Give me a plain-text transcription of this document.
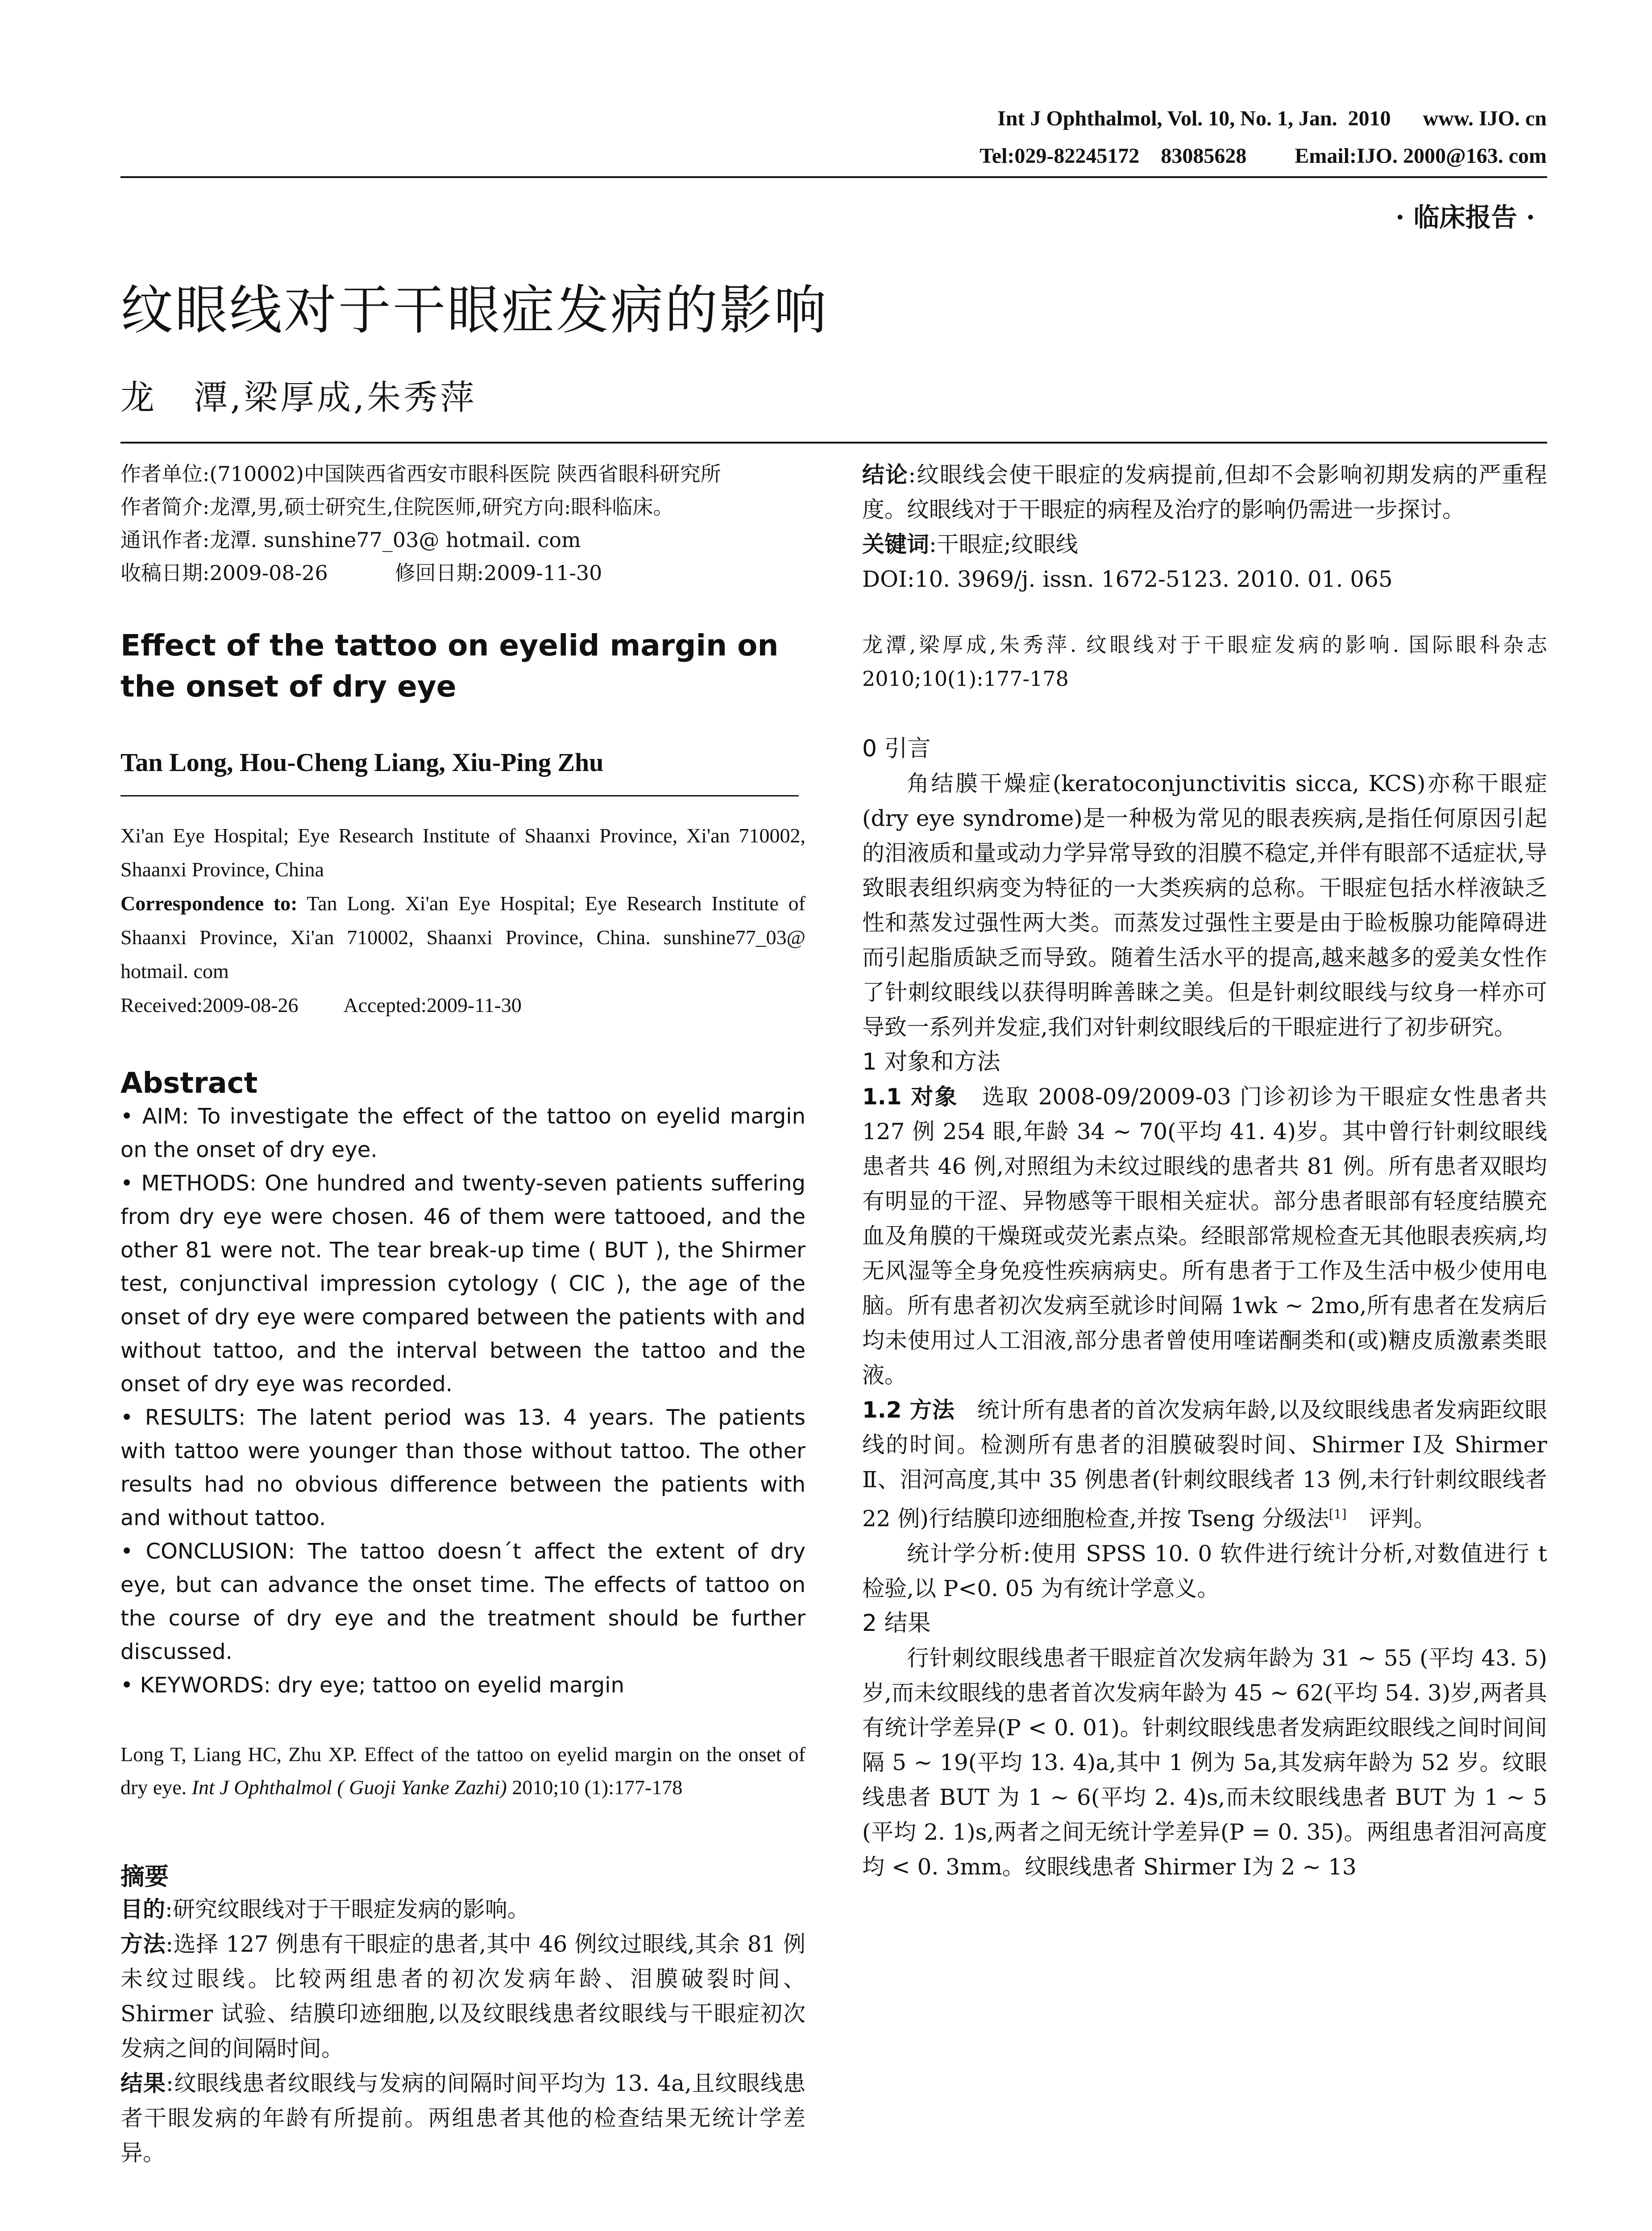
Int J Ophthalmol, Vol. 10, No. 1, Jan.  2010      www. IJO. cn
Tel:029-82245172    83085628         Email:IJO. 2000@163. com
· 临床报告 ·
纹眼线对于干眼症发病的影响
龙　潭,梁厚成,朱秀萍

作者单位:(710002)中国陕西省西安市眼科医院 陕西省眼科研究所

作者简介:龙潭,男,硕士研究生,住院医师,研究方向:眼科临床。

通讯作者:龙潭. sunshine77_03@ hotmail. com

收稿日期:2009-08-26	修回日期:2009-11-30

Effect of the tattoo on eyelid margin on the onset of dry eye
Tan Long, Hou-Cheng Liang, Xiu-Ping Zhu

Xi'an Eye Hospital; Eye Research Institute of Shaanxi Province, Xi'an 710002, Shaanxi Province, China

Correspondence to: Tan Long. Xi'an Eye Hospital; Eye Research Institute of Shaanxi Province, Xi'an 710002, Shaanxi Province, China. sunshine77_03@ hotmail. com

Received:2009-08-26         Accepted:2009-11-30

Abstract

• AIM: To investigate the effect of the tattoo on eyelid margin on the onset of dry eye.

• METHODS: One hundred and twenty-seven patients suffering from dry eye were chosen. 46 of them were tattooed, and the other 81 were not. The tear break-up time ( BUT ), the Shirmer test, conjunctival impression cytology ( CIC ), the age of the onset of dry eye were compared between the patients with and without tattoo, and the interval between the tattoo and the onset of dry eye was recorded.

• RESULTS: The latent period was 13. 4 years. The patients with tattoo were younger than those without tattoo. The other results had no obvious difference between the patients with and without tattoo.

• CONCLUSION: The tattoo doesn´t affect the extent of dry eye, but can advance the onset time. The effects of tattoo on the course of dry eye and the treatment should be further discussed.

• KEYWORDS: dry eye; tattoo on eyelid margin

Long T, Liang HC, Zhu XP. Effect of the tattoo on eyelid margin on the onset of dry eye. Int J Ophthalmol ( Guoji Yanke Zazhi) 2010;10 (1):177-178
摘要

目的:研究纹眼线对于干眼症发病的影响。

方法:选择 127 例患有干眼症的患者,其中 46 例纹过眼线,其余 81 例未纹过眼线。比较两组患者的初次发病年龄、泪膜破裂时间、Shirmer 试验、结膜印迹细胞,以及纹眼线患者纹眼线与干眼症初次发病之间的间隔时间。

结果:纹眼线患者纹眼线与发病的间隔时间平均为 13. 4a,且纹眼线患者干眼发病的年龄有所提前。两组患者其他的检查结果无统计学差异。

结论:纹眼线会使干眼症的发病提前,但却不会影响初期发病的严重程度。纹眼线对于干眼症的病程及治疗的影响仍需进一步探讨。

关键词:干眼症;纹眼线

DOI:10. 3969/j. issn. 1672-5123. 2010. 01. 065

龙潭,梁厚成,朱秀萍. 纹眼线对于干眼症发病的影响. 国际眼科杂志 2010;10(1):177-178
0 引言

角结膜干燥症(keratoconjunctivitis sicca, KCS)亦称干眼症(dry eye syndrome)是一种极为常见的眼表疾病,是指任何原因引起的泪液质和量或动力学异常导致的泪膜不稳定,并伴有眼部不适症状,导致眼表组织病变为特征的一大类疾病的总称。干眼症包括水样液缺乏性和蒸发过强性两大类。而蒸发过强性主要是由于睑板腺功能障碍进而引起脂质缺乏而导致。随着生活水平的提高,越来越多的爱美女性作了针刺纹眼线以获得明眸善睐之美。但是针刺纹眼线与纹身一样亦可导致一系列并发症,我们对针刺纹眼线后的干眼症进行了初步研究。

1 对象和方法

1.1 对象　选取 2008-09/2009-03 门诊初诊为干眼症女性患者共 127 例 254 眼,年龄 34 ~ 70(平均 41. 4)岁。其中曾行针刺纹眼线患者共 46 例,对照组为未纹过眼线的患者共 81 例。所有患者双眼均有明显的干涩、异物感等干眼相关症状。部分患者眼部有轻度结膜充血及角膜的干燥斑或荧光素点染。经眼部常规检查无其他眼表疾病,均无风湿等全身免疫性疾病病史。所有患者于工作及生活中极少使用电脑。所有患者初次发病至就诊时间隔 1wk ~ 2mo,所有患者在发病后均未使用过人工泪液,部分患者曾使用喹诺酮类和(或)糖皮质激素类眼液。

1.2 方法　统计所有患者的首次发病年龄,以及纹眼线患者发病距纹眼线的时间。检测所有患者的泪膜破裂时间、Shirmer Ⅰ及 Shirmer Ⅱ、泪河高度,其中 35 例患者(针刺纹眼线者 13 例,未行针刺纹眼线者 22 例)行结膜印迹细胞检查,并按 Tseng 分级法[1]　评判。

统计学分析:使用 SPSS 10. 0 软件进行统计分析,对数值进行 t 检验,以 P<0. 05 为有统计学意义。

2 结果

行针刺纹眼线患者干眼症首次发病年龄为 31 ~ 55 (平均 43. 5)岁,而未纹眼线的患者首次发病年龄为 45 ~ 62(平均 54. 3)岁,两者具有统计学差异(P < 0. 01)。针刺纹眼线患者发病距纹眼线之间时间间隔 5 ~ 19(平均 13. 4)a,其中 1 例为 5a,其发病年龄为 52 岁。纹眼线患者 BUT 为 1 ~ 6(平均 2. 4)s,而未纹眼线患者 BUT 为 1 ~ 5 (平均 2. 1)s,两者之间无统计学差异(P = 0. 35)。两组患者泪河高度均 < 0. 3mm。纹眼线患者 Shirmer Ⅰ为 2 ~ 13
